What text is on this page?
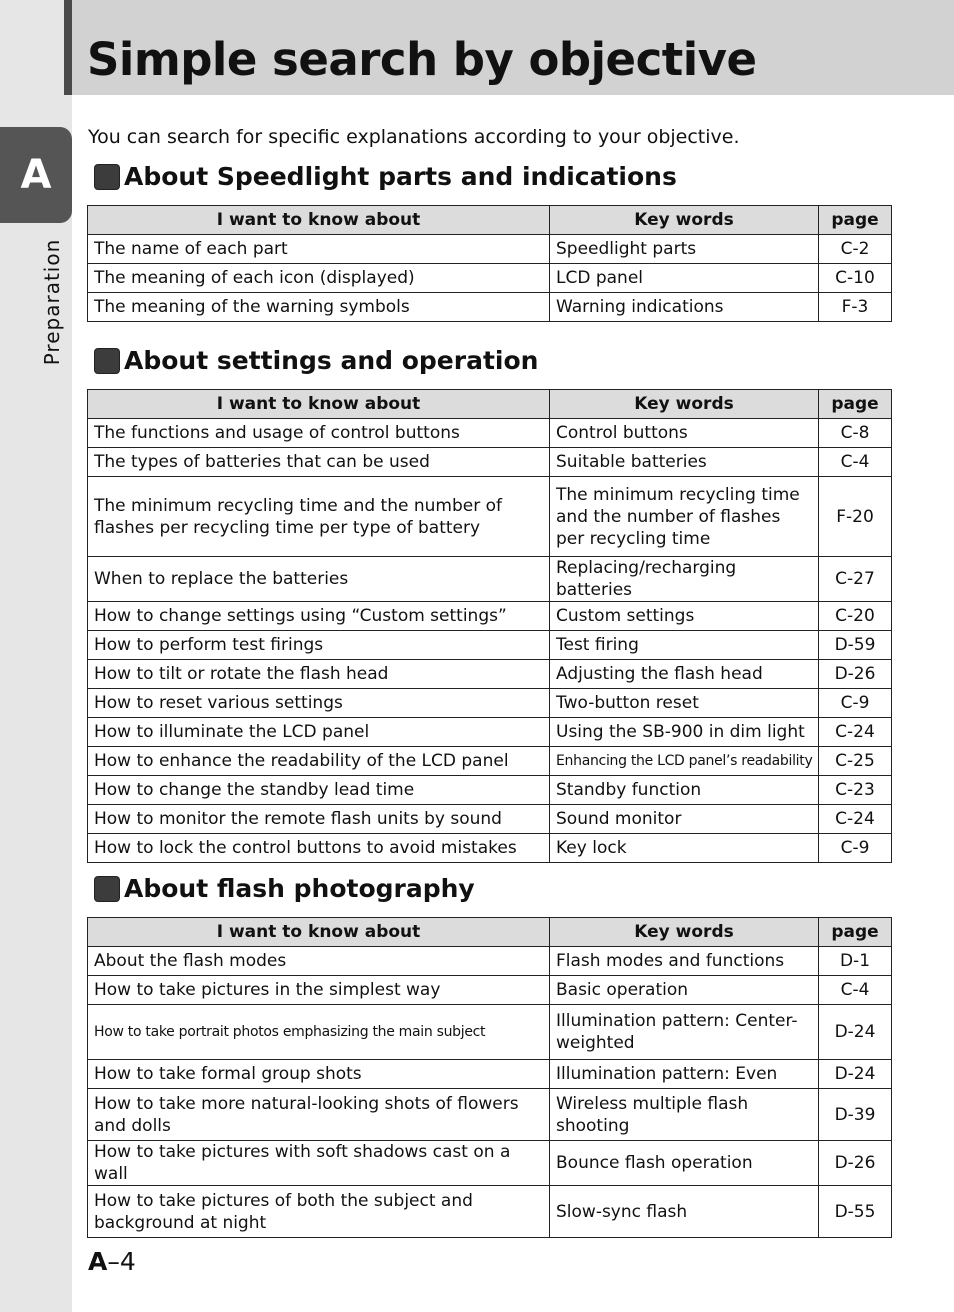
Simple search by objective
A
Preparation

You can search for specific explanations according to your objective.

About Speedlight parts and indications
I want to know about	Key words	page
The name of each part	Speedlight parts	C-2
The meaning of each icon (displayed)	LCD panel	C-10
The meaning of the warning symbols	Warning indications	F-3
About settings and operation
I want to know about	Key words	page
The functions and usage of control buttons	Control buttons	C-8
The types of batteries that can be used	Suitable batteries	C-4
The minimum recycling time and the number of flashes per recycling time per type of battery	The minimum recycling time and the number of flashes per recycling time	F-20
When to replace the batteries	Replacing/recharging batteries	C-27
How to change settings using “Custom settings”	Custom settings	C-20
How to perform test firings	Test firing	D-59
How to tilt or rotate the flash head	Adjusting the flash head	D-26
How to reset various settings	Two-button reset	C-9
How to illuminate the LCD panel	Using the SB-900 in dim light	C-24
How to enhance the readability of the LCD panel	Enhancing the LCD panel’s readability	C-25
How to change the standby lead time	Standby function	C-23
How to monitor the remote flash units by sound	Sound monitor	C-24
How to lock the control buttons to avoid mistakes	Key lock	C-9
About flash photography
I want to know about	Key words	page
About the flash modes	Flash modes and functions	D-1
How to take pictures in the simplest way	Basic operation	C-4
How to take portrait photos emphasizing the main subject	Illumination pattern: Center-weighted	D-24
How to take formal group shots	Illumination pattern: Even	D-24
How to take more natural-looking shots of flowers and dolls	Wireless multiple flash shooting	D-39
How to take pictures with soft shadows cast on a wall	Bounce flash operation	D-26
How to take pictures of both the subject and background at night	Slow-sync flash	D-55
A–4
